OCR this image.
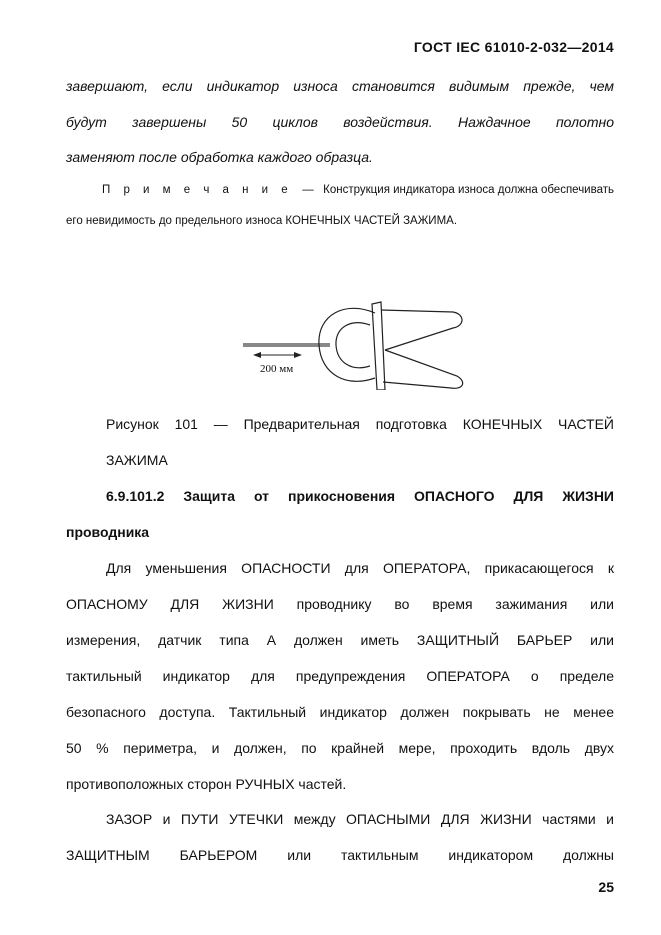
ГОСТ IEC 61010-2-032—2014
завершают, если индикатор износа становится видимым прежде, чем
будут завершены 50 циклов воздействия. Наждачное полотно
заменяют после обработка каждого образца.
П р и м е ч а н и е — Конструкция индикатора износа должна обеспечивать
его невидимость до предельного износа КОНЕЧНЫХ ЧАСТЕЙ ЗАЖИМА.
200 мм
Рисунок 101 — Предварительная подготовка КОНЕЧНЫХ ЧАСТЕЙ
ЗАЖИМА
6.9.101.2 Защита от прикосновения ОПАСНОГО ДЛЯ ЖИЗНИ
проводника
Для уменьшения ОПАСНОСТИ для ОПЕРАТОРА, прикасающегося к
ОПАСНОМУ ДЛЯ ЖИЗНИ проводнику во время зажимания или
измерения, датчик типа А должен иметь ЗАЩИТНЫЙ БАРЬЕР или
тактильный индикатор для предупреждения ОПЕРАТОРА о пределе
безопасного доступа. Тактильный индикатор должен покрывать не менее
50 % периметра, и должен, по крайней мере, проходить вдоль двух
противоположных сторон РУЧНЫХ частей.
ЗАЗОР и ПУТИ УТЕЧКИ между ОПАСНЫМИ ДЛЯ ЖИЗНИ частями и
ЗАЩИТНЫМ БАРЬЕРОМ или тактильным индикатором должны
25
